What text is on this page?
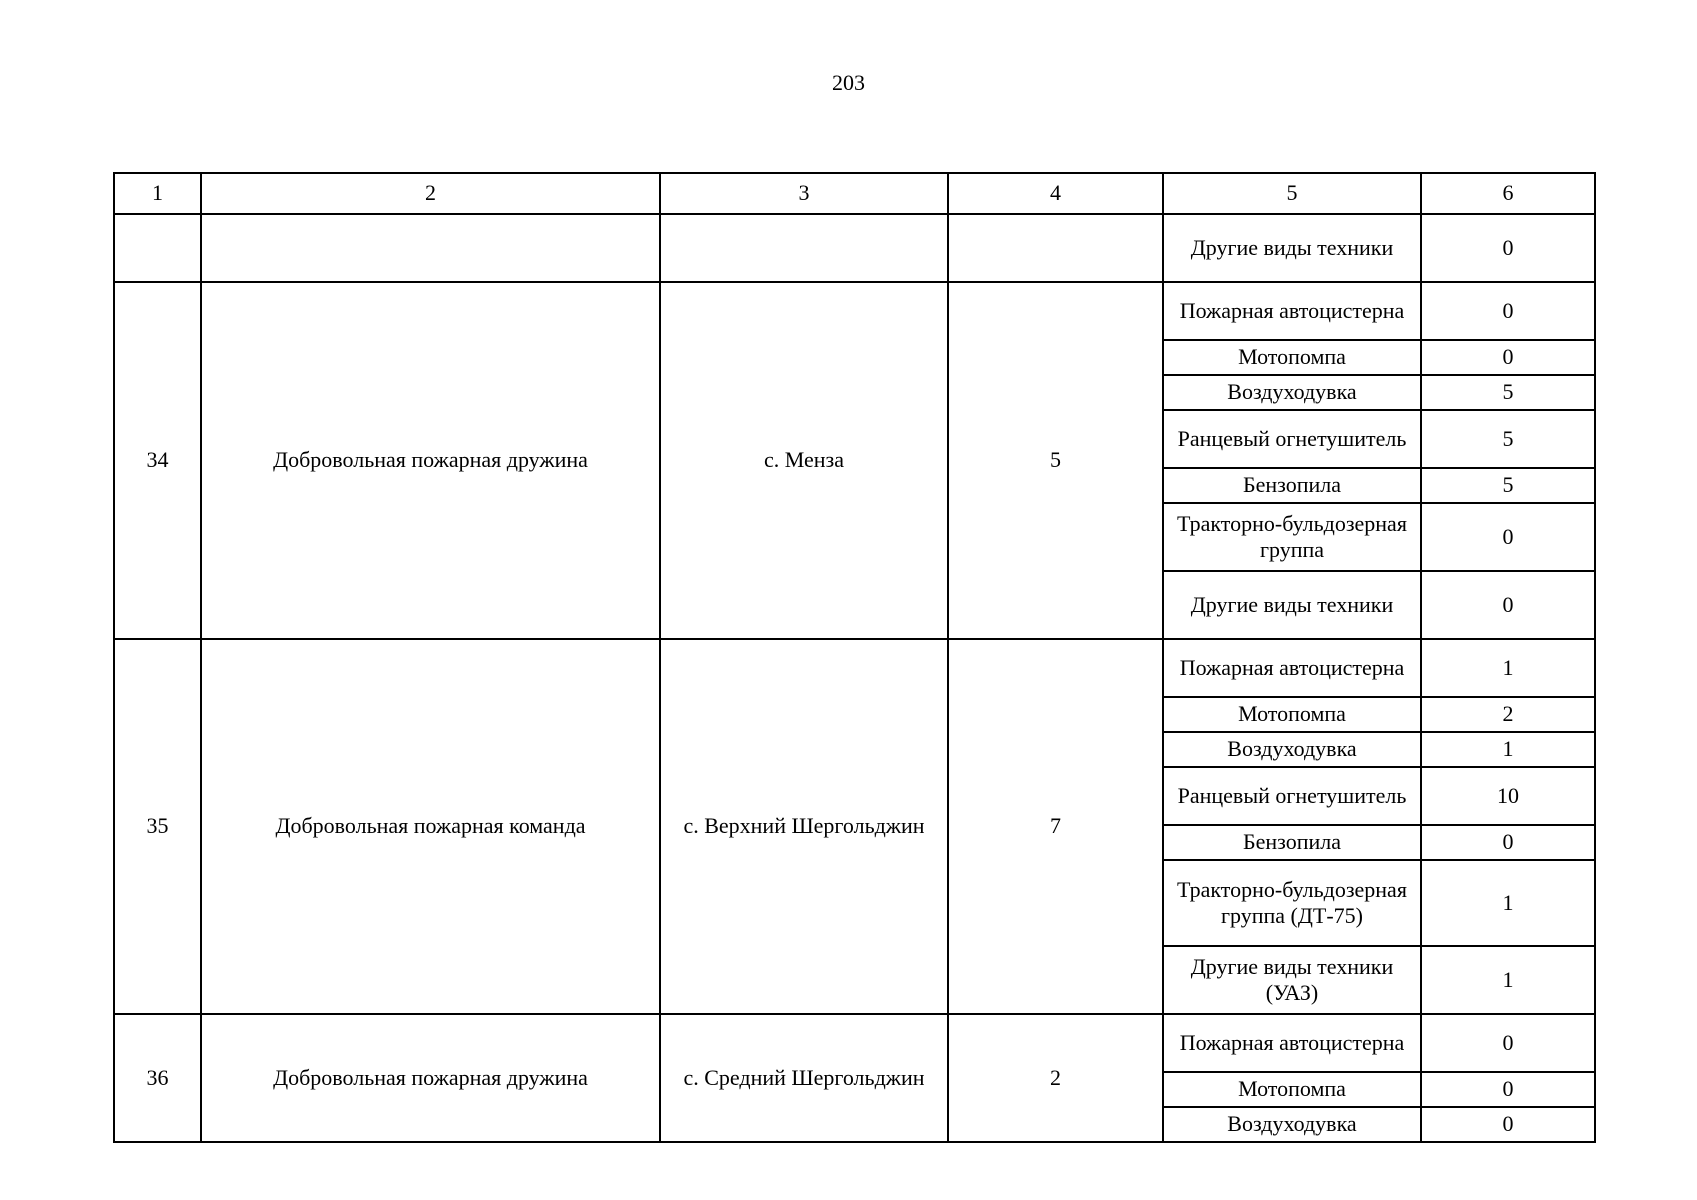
203
1	2	3	4	5	6
				Другие виды техники	0
34	Добровольная пожарная дружина	с. Менза	5	Пожарная автоцистерна	0
				Мотопомпа	0
				Воздуходувка	5
				Ранцевый огнетушитель	5
				Бензопила	5
				Тракторно-бульдозерная группа	0
				Другие виды техники	0
35	Добровольная пожарная команда	с. Верхний Шергольджин	7	Пожарная автоцистерна	1
				Мотопомпа	2
				Воздуходувка	1
				Ранцевый огнетушитель	10
				Бензопила	0
				Тракторно-бульдозерная группа (ДТ-75)	1
				Другие виды техники (УАЗ)	1
36	Добровольная пожарная дружина	с. Средний Шергольджин	2	Пожарная автоцистерна	0
				Мотопомпа	0
				Воздуходувка	0
